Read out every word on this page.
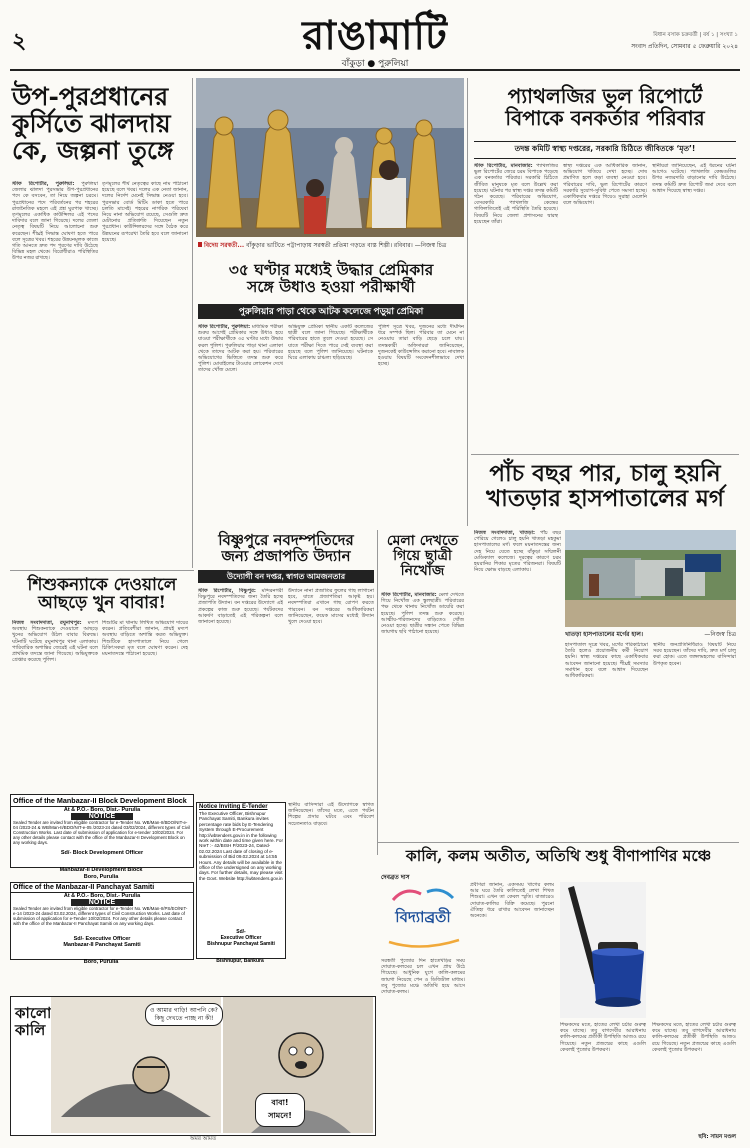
২	রাঙামাটি
বাঁকুড়া ● পুরুলিয়া
বিধান বসাক চক্রবর্তী | বর্ষ ১ | সংখ্যা ১
সংবাদ প্রতিদিন, সোমবার ৫ ফেব্রুয়ারি ২০২৪
উপ-পুরপ্রধানের
কুর্সিতে ঝালদায়
কে, জল্পনা তুঙ্গে
স্টাফ রিপোর্টার, পুরুলিয়া: পুরুলিয়া জেলার ঝালদা পুরসভার উপ-পুরপ্রধানের পদে কে বসবেন, তা নিয়ে জল্পনা চরমে। পুরপ্রধানের পদে পরিবর্তনের পর শহরের রাজনৈতিক মহলে এই প্রশ্ন ঘুরপাক খাচ্ছে। তৃণমূলের একাধিক কাউন্সিলর এই পদের দাবিদার বলে জানা গিয়েছে। দলের জেলা নেতৃত্ব বিষয়টি নিয়ে আলোচনা শুরু করেছেন। শীঘ্রই সিদ্ধান্ত ঘোষণা হতে পারে বলে সূত্রের খবর। শহরের উন্নয়নমূলক কাজে গতি আনতে দ্রুত পদ পূরণের দাবি উঠেছে বিভিন্ন মহল থেকে। বিরোধীরাও পরিস্থিতির উপর নজর রাখছে।
তৃণমূলের শীর্ষ নেতৃত্বের কাছে নাম পাঠানো হয়েছে বলে খবর। দলের এক নেতা জানান, দলের নির্দেশ মেনেই সিদ্ধান্ত নেওয়া হবে। পুরসভার বোর্ড মিটিং ডাকা হতে পারে চলতি মাসেই। শহরের নাগরিক পরিষেবা নিয়ে নানা অভিযোগ রয়েছে, সেগুলি দ্রুত মেটানোর প্রতিশ্রুতি দিয়েছেন নতুন পুরপ্রধান। কাউন্সিলরদের সঙ্গে বৈঠক করে উন্নয়নের রূপরেখা তৈরি হবে বলে জানানো হয়েছে।
বিদেয় সরস্বতী... বাঁকুড়ার ভাটিতে পট্টাপাড়ায় সরস্বতী প্রতিমা গড়তে ব্যস্ত শিল্পী। রবিবার। —নিজস্ব চিত্র
৩৫ ঘণ্টার মধ্যেই উদ্ধার প্রেমিকার
সঙ্গে উধাও হওয়া পরীক্ষার্থী
পুরুলিয়ার পাড়া থেকে আটক কলেজে পড়ুয়া প্রেমিকা
স্টাফ রিপোর্টার, পুরুলিয়া: মাধ্যমিক পরীক্ষা শুরুর আগেই প্রেমিকার সঙ্গে উধাও হয়ে যাওয়া পরীক্ষার্থীকে ৩৫ ঘণ্টার মধ্যে উদ্ধার করল পুলিশ। পুরুলিয়ার পাড়া থানা এলাকা থেকে তাদের আটক করা হয়। পরিবারের অভিযোগের ভিত্তিতে তদন্ত শুরু করে পুলিশ। মোবাইলের টাওয়ার লোকেশন দেখে তাদের খোঁজ মেলে।
অভিযুক্ত প্রেমিকা স্থানীয় একটি কলেজের ছাত্রী বলে জানা গিয়েছে। পরীক্ষার্থীকে পরিবারের হাতে তুলে দেওয়া হয়েছে। সে যাতে পরীক্ষা দিতে পারে সেই ব্যবস্থা করা হয়েছে বলে পুলিশ জানিয়েছে। ঘটনাকে ঘিরে এলাকায় চাঞ্চল্য ছড়িয়েছে।
পুলিশ সূত্রে খবর, দুজনের মধ্যে দীর্ঘদিন ধরে সম্পর্ক ছিল। পরিবার তা মেনে না নেওয়ায় তারা বাড়ি ছেড়ে চলে যায়। তদন্তকারী অফিসাররা জানিয়েছেন, দুজনকেই কাউন্সেলিং করানো হবে। নাবালক হওয়ায় বিষয়টি সংবেদনশীলভাবে দেখা হচ্ছে।
প্যাথলজির ভুল রিপোর্টে
বিপাকে বনকর্তার পরিবার
তদন্ত কমিটি স্বাস্থ্য দপ্তরের, সরকারি চিঠিতে জীবিতকে ‘মৃত’!
স্টাফ রিপোর্টার, মানবাজার: প্যাথলজির ভুল রিপোর্টের জেরে চরম বিপাকে পড়েছে এক বনকর্তার পরিবার। সরকারি চিঠিতে জীবিত মানুষকে মৃত বলে উল্লেখ করা হয়েছে। ঘটনার পর স্বাস্থ্য দপ্তর তদন্ত কমিটি গঠন করেছে। পরিবারের অভিযোগ, বেসরকারি প্যাথলজি কেন্দ্রের গাফিলতিতেই এই পরিস্থিতি তৈরি হয়েছে। বিষয়টি নিয়ে জেলা প্রশাসনের দ্বারস্থ হয়েছেন তাঁরা।
স্বাস্থ্য দপ্তরের এক আধিকারিক জানান, অভিযোগ খতিয়ে দেখা হচ্ছে। দোষ প্রমাণিত হলে কড়া ব্যবস্থা নেওয়া হবে। পরিবারের দাবি, ভুল রিপোর্টের কারণে সরকারি সুযোগ-সুবিধা পেতে সমস্যা হচ্ছে। একাধিকবার দপ্তরে গিয়েও সুরাহা মেলেনি বলে অভিযোগ।
স্থানীয়রা জানিয়েছেন, এই ধরনের ঘটনা আগেও ঘটেছে। প্যাথলজি কেন্দ্রগুলির উপর নজরদারি বাড়ানোর দাবি উঠেছে। তদন্ত কমিটি দ্রুত রিপোর্ট জমা দেবে বলে আশ্বাস দিয়েছে স্বাস্থ্য দপ্তর।
পাঁচ বছর পার, চালু হয়নি
খাতড়ার হাসপাতালের মর্গ
নিজস্ব সংবাদদাতা, খাতড়া: পাঁচ বছর পেরিয়ে গেলেও চালু হয়নি খাতড়া মহকুমা হাসপাতালের মর্গ। ফলে ময়নাতদন্তের জন্য দেহ নিয়ে যেতে হচ্ছে বাঁকুড়া সম্মিলনী মেডিক্যাল কলেজে। দূরত্বের কারণে চরম হয়রানির শিকার মৃতের পরিজনরা। বিষয়টি নিয়ে ক্ষোভ বাড়ছে এলাকায়।
খাতড়া হাসপাতালের মর্গের হাল।	—নিজস্ব চিত্র
হাসপাতাল সূত্রে খবর, মর্গের পরিকাঠামো তৈরি হলেও প্রয়োজনীয় কর্মী নিয়োগ হয়নি। স্বাস্থ্য দপ্তরের কাছে একাধিকবার আবেদন জানানো হয়েছে। শীঘ্রই সমস্যার সমাধান হবে বলে আশ্বাস দিয়েছেন আধিকারিকরা।
স্থানীয় জনপ্রতিনিধিরাও বিষয়টি নিয়ে সরব হয়েছেন। তাঁদের দাবি, দ্রুত মর্গ চালু করা হোক। এতে জঙ্গলমহলের বাসিন্দারা উপকৃত হবেন।
শিশুকন্যাকে দেওয়ালে
আছড়ে খুন বাবার!
নিজস্ব সংবাদদাতা, রঘুনাথপুর: মদ্যপ অবস্থায় শিশুকন্যাকে দেওয়ালে আছড়ে খুনের অভিযোগ উঠল বাবার বিরুদ্ধে। ঘটনাটি ঘটেছে রঘুনাথপুর থানা এলাকায়। পারিবারিক অশান্তির জেরেই এই ঘটনা বলে প্রাথমিক তদন্তে জানা গিয়েছে। অভিযুক্তকে গ্রেপ্তার করেছে পুলিশ।
শিশুটির মা থানায় লিখিত অভিযোগ দায়ের করেন। প্রতিবেশীরা জানান, প্রায়ই মদ্যপ অবস্থায় বাড়িতে অশান্তি করত অভিযুক্ত। শিশুটিকে হাসপাতালে নিয়ে গেলে চিকিৎসকরা মৃত বলে ঘোষণা করেন। দেহ ময়নাতদন্তে পাঠানো হয়েছে।
Office of the Manbazar-II Block Development Block
At & P.O.- Boro, Dist.- Purulia
NOTICE
Sealed Tender are invited from eligible contractor for e-Tender No. WB/Man-II/BDO/NIT-e-04 /2023-24 & WB/Man-II/BDO/NIT-e-05 /2023-24 dated 03/02/2024, different types of Civil Construction Works. Last date of submission of application for e-tender 10/02/2024. For any other details please contact with the office of the Manbazar-II Development Block on any working days.
Sd/- Block Development Officer
Manbazar-II Development Block
Boro, Purulia
Office of the Manbazar-II Panchayat Samiti
At & P.O.- Boro, Dist.- Purulia
NOTICE
Sealed Tender are invited from eligible contractor for e-Tender No. WB/Man-II/PS/EO/NIT-e-14 /2023-24 dated 03.02.2024, different types of Civil Construction Works. Last date of submission of application for e-Tender 10/02/2024. For any other details please contact with the office of the Manbazar-II Panchayat Samiti on any working days.
Sd/- Executive Officer
Manbazar-II Panchayat Samiti
Boro, Purulia
বিষ্ণুপুরে নবদম্পতিদের
জন্য প্রজাপতি উদ্যান
উদ্যোগী বন দপ্তর, স্বাগত আমজনতার
স্টাফ রিপোর্টার, বিষ্ণুপুর: মন্দিরনগরী বিষ্ণুপুরে নবদম্পতিদের জন্য তৈরি হচ্ছে প্রজাপতি উদ্যান। বন দপ্তরের উদ্যোগে এই প্রকল্পের কাজ শুরু হয়েছে। পর্যটকদের আকর্ষণ বাড়াতেই এই পরিকল্পনা বলে জানানো হয়েছে।
উদ্যানে নানা প্রজাতির ফুলের গাছ লাগানো হবে, যাতে প্রজাপতিরা আকৃষ্ট হয়। নবদম্পতিরা এখানে গাছ রোপণ করতে পারবেন। বন দপ্তরের আধিকারিকরা জানিয়েছেন, কয়েক মাসের মধ্যেই উদ্যান খুলে দেওয়া হবে।
স্থানীয় বাসিন্দারা এই উদ্যোগকে স্বাগত জানিয়েছেন। তাঁদের মতে, এতে পর্যটন শিল্পের প্রসার ঘটবে এবং পরিবেশ সচেতনতাও বাড়বে।
Notice Inviting E-Tender
The Executive Officer, Bishnupur Panchayat Samiti, Bankura invites percentage rate bids by E-Tendering System through E-Procurement http://wbtenders.gov.in in the following work within date and time given here. For NIeT :- 42/BISH P/2023-24, Dated- 02.02.2024 Last date of closing of e-submission of Bid 09.02.2024 at 14:55 Hours. Any details will be available in the office of the undersigned on any working days. For further details, may please visit the Govt. Website http://wbtenders.gov.in
Sd/-
Executive Officer
Bishnupur Panchayat Samiti
Bishnupur, Bankura
মেলা দেখতে
গিয়ে ছাত্রী
নিখোঁজ
স্টাফ রিপোর্টার, মানবাজার: মেলা দেখতে গিয়ে নিখোঁজ এক স্কুলছাত্রী। পরিবারের পক্ষ থেকে থানায় নিখোঁজ ডায়েরি করা হয়েছে। পুলিশ তদন্ত শুরু করেছে। আত্মীয়-পরিজনদের বাড়িতেও খোঁজ নেওয়া হচ্ছে। ছাত্রীর সন্ধান পেতে বিভিন্ন জায়গায় ছবি পাঠানো হয়েছে।
কালি, কলম অতীত, অতিথি শুধু বীণাপাণির মঞ্চে
দেবব্রত দাস
বিদ্যাব্রতী
সরস্বতী পুজোর দিন হাতেখড়ির সময় দোয়াত-কলমের চল এখন প্রায় উঠে গিয়েছে। আধুনিক যুগে কালি-কলমের জায়গা নিয়েছে পেন ও ডিজিটাল মাধ্যম। তবু পুজোর মঞ্চে অতিথি হয়ে আসে দোয়াত-কলম।
প্রবীণরা জানান, একসময় খাগের কলম আর ঘরে তৈরি কালিতেই লেখা শিখত শিশুরা। এখন তা কেবল স্মৃতি। বাজারেও দোয়াত-কালির বিক্রি কমেছে। পুরনো ঐতিহ্য ধরে রাখার আবেদন জানাচ্ছেন অনেকে।
শিক্ষকদের মতে, হাতের লেখা চর্চার গুরুত্ব কমে যাচ্ছে। তবু বাগদেবীর আরাধনায় কালি-কলমের প্রতীকী উপস্থিতি আজও রয়ে গিয়েছে। নতুন প্রজন্মের কাছে এগুলি কেবলই পুজোর উপকরণ।
শিক্ষকদের মতে, হাতের লেখা চর্চার গুরুত্ব কমে যাচ্ছে। তবু বাগদেবীর আরাধনায় কালি-কলমের প্রতীকী উপস্থিতি আজও রয়ে গিয়েছে। নতুন প্রজন্মের কাছে এগুলি কেবলই পুজোর উপকরণ।
ছবি: সায়ন মণ্ডল
কালো কালি
ও আমার গাড়ি! আপনি কে? কিছু দেখতে পাচ্ছ না কী!
বাবা! সামনে!
অমর অমিত
